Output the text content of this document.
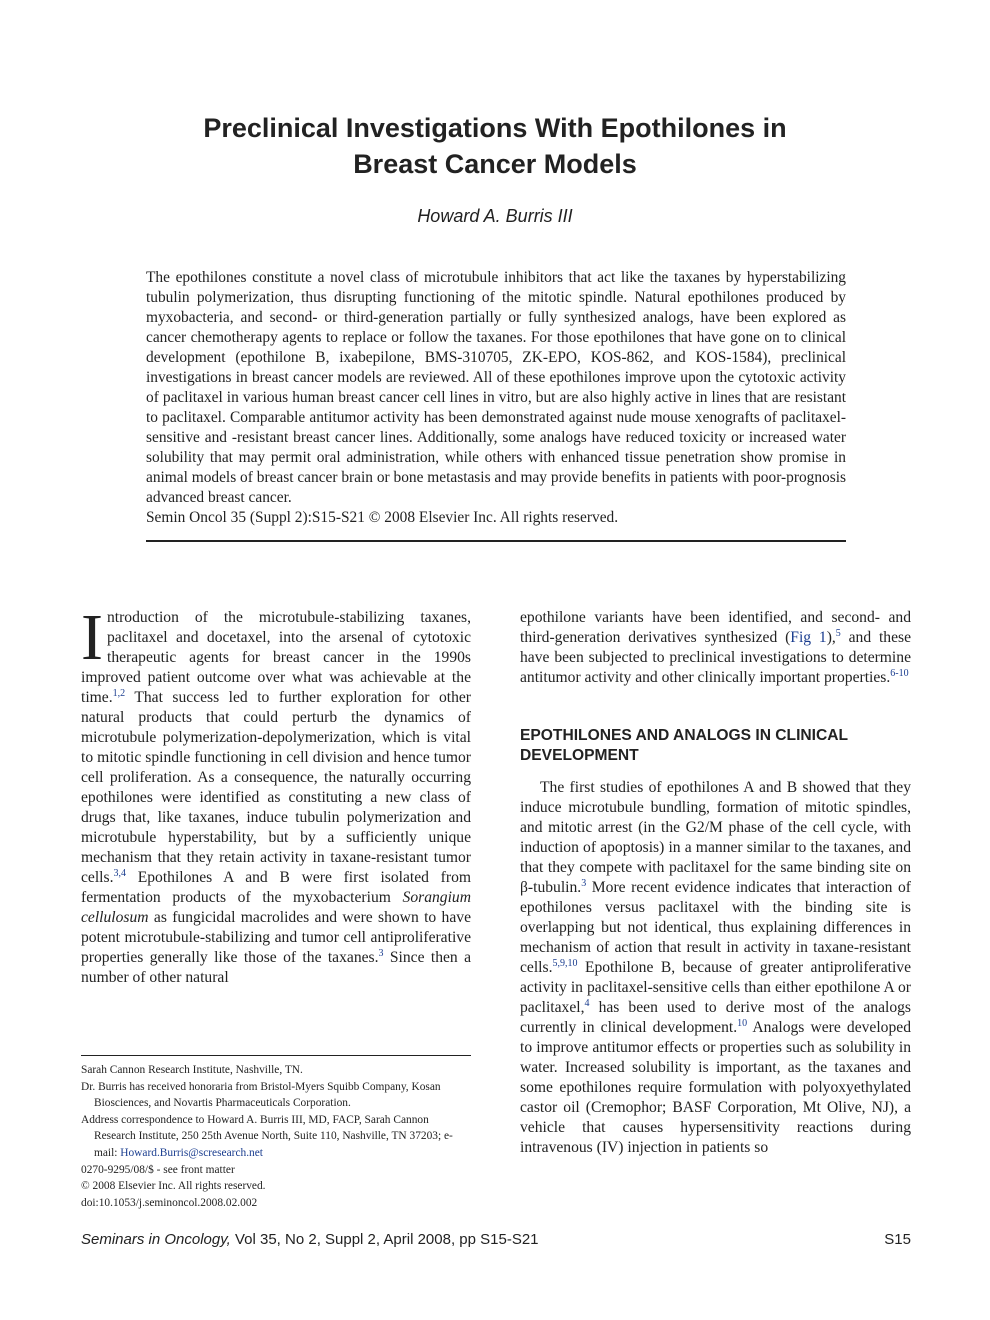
Preclinical Investigations With Epothilones in
Breast Cancer Models
Howard A. Burris III

The epothilones constitute a novel class of microtubule inhibitors that act like the taxanes by hyperstabilizing tubulin polymerization, thus disrupting functioning of the mitotic spindle. Natural epothilones produced by myxobacteria, and second- or third-generation partially or fully synthesized analogs, have been explored as cancer chemotherapy agents to replace or follow the taxanes. For those epothilones that have gone on to clinical development (epothilone B, ixabepilone, BMS-310705, ZK-EPO, KOS-862, and KOS-1584), preclinical investigations in breast cancer models are reviewed. All of these epothilones improve upon the cytotoxic activity of paclitaxel in various human breast cancer cell lines in vitro, but are also highly active in lines that are resistant to paclitaxel. Comparable antitumor activity has been demonstrated against nude mouse xenografts of paclitaxel-sensitive and -resistant breast cancer lines. Additionally, some analogs have reduced toxicity or increased water solubility that may permit oral administration, while others with enhanced tissue penetration show promise in animal models of breast cancer brain or bone metastasis and may provide benefits in patients with poor-prognosis advanced breast cancer.

Semin Oncol 35 (Suppl 2):S15-S21 © 2008 Elsevier Inc. All rights reserved.

Introduction of the microtubule-stabilizing taxanes, paclitaxel and docetaxel, into the arsenal of cytotoxic therapeutic agents for breast cancer in the 1990s improved patient outcome over what was achievable at the time.$^{1,2}$ That success led to further exploration for other natural products that could perturb the dynamics of microtubule polymerization-depolymerization, which is vital to mitotic spindle functioning in cell division and hence tumor cell proliferation. As a consequence, the naturally occurring epothilones were identified as constituting a new class of drugs that, like taxanes, induce tubulin polymerization and microtubule hyperstability, but by a sufficiently unique mechanism that they retain activity in taxane-resistant tumor cells.$^{3,4}$ Epothilones A and B were first isolated from fermentation products of the myxobacterium Sorangium cellulosum as fungicidal macrolides and were shown to have potent microtubule-stabilizing and tumor cell antiproliferative properties generally like those of the taxanes.$^3$ Since then a number of other natural

epothilone variants have been identified, and second- and third-generation derivatives synthesized (Fig 1),$^5$ and these have been subjected to preclinical investigations to determine antitumor activity and other clinically important properties.$^{6-10}$

EPOTHILONES AND ANALOGS IN CLINICAL DEVELOPMENT

The first studies of epothilones A and B showed that they induce microtubule bundling, formation of mitotic spindles, and mitotic arrest (in the G2/M phase of the cell cycle, with induction of apoptosis) in a manner similar to the taxanes, and that they compete with paclitaxel for the same binding site on β-tubulin.$^3$ More recent evidence indicates that interaction of epothilones versus paclitaxel with the binding site is overlapping but not identical, thus explaining differences in mechanism of action that result in activity in taxane-resistant cells.$^{5,9,10}$ Epothilone B, because of greater antiproliferative activity in paclitaxel-sensitive cells than either epothilone A or paclitaxel,$^4$ has been used to derive most of the analogs currently in clinical development.$^{10}$ Analogs were developed to improve antitumor effects or properties such as solubility in water. Increased solubility is important, as the taxanes and some epothilones require formulation with polyoxyethylated castor oil (Cremophor; BASF Corporation, Mt Olive, NJ), a vehicle that causes hypersensitivity reactions during intravenous (IV) injection in patients so

Sarah Cannon Research Institute, Nashville, TN.
Dr. Burris has received honoraria from Bristol-Myers Squibb Company, Kosan Biosciences, and Novartis Pharmaceuticals Corporation.
Address correspondence to Howard A. Burris III, MD, FACP, Sarah Cannon Research Institute, 250 25th Avenue North, Suite 110, Nashville, TN 37203; e-mail: Howard.Burris@scresearch.net
0270-9295/08/$ - see front matter
© 2008 Elsevier Inc. All rights reserved.
doi:10.1053/j.seminoncol.2008.02.002
Seminars in Oncology, Vol 35, No 2, Suppl 2, April 2008, pp S15-S21	S15
